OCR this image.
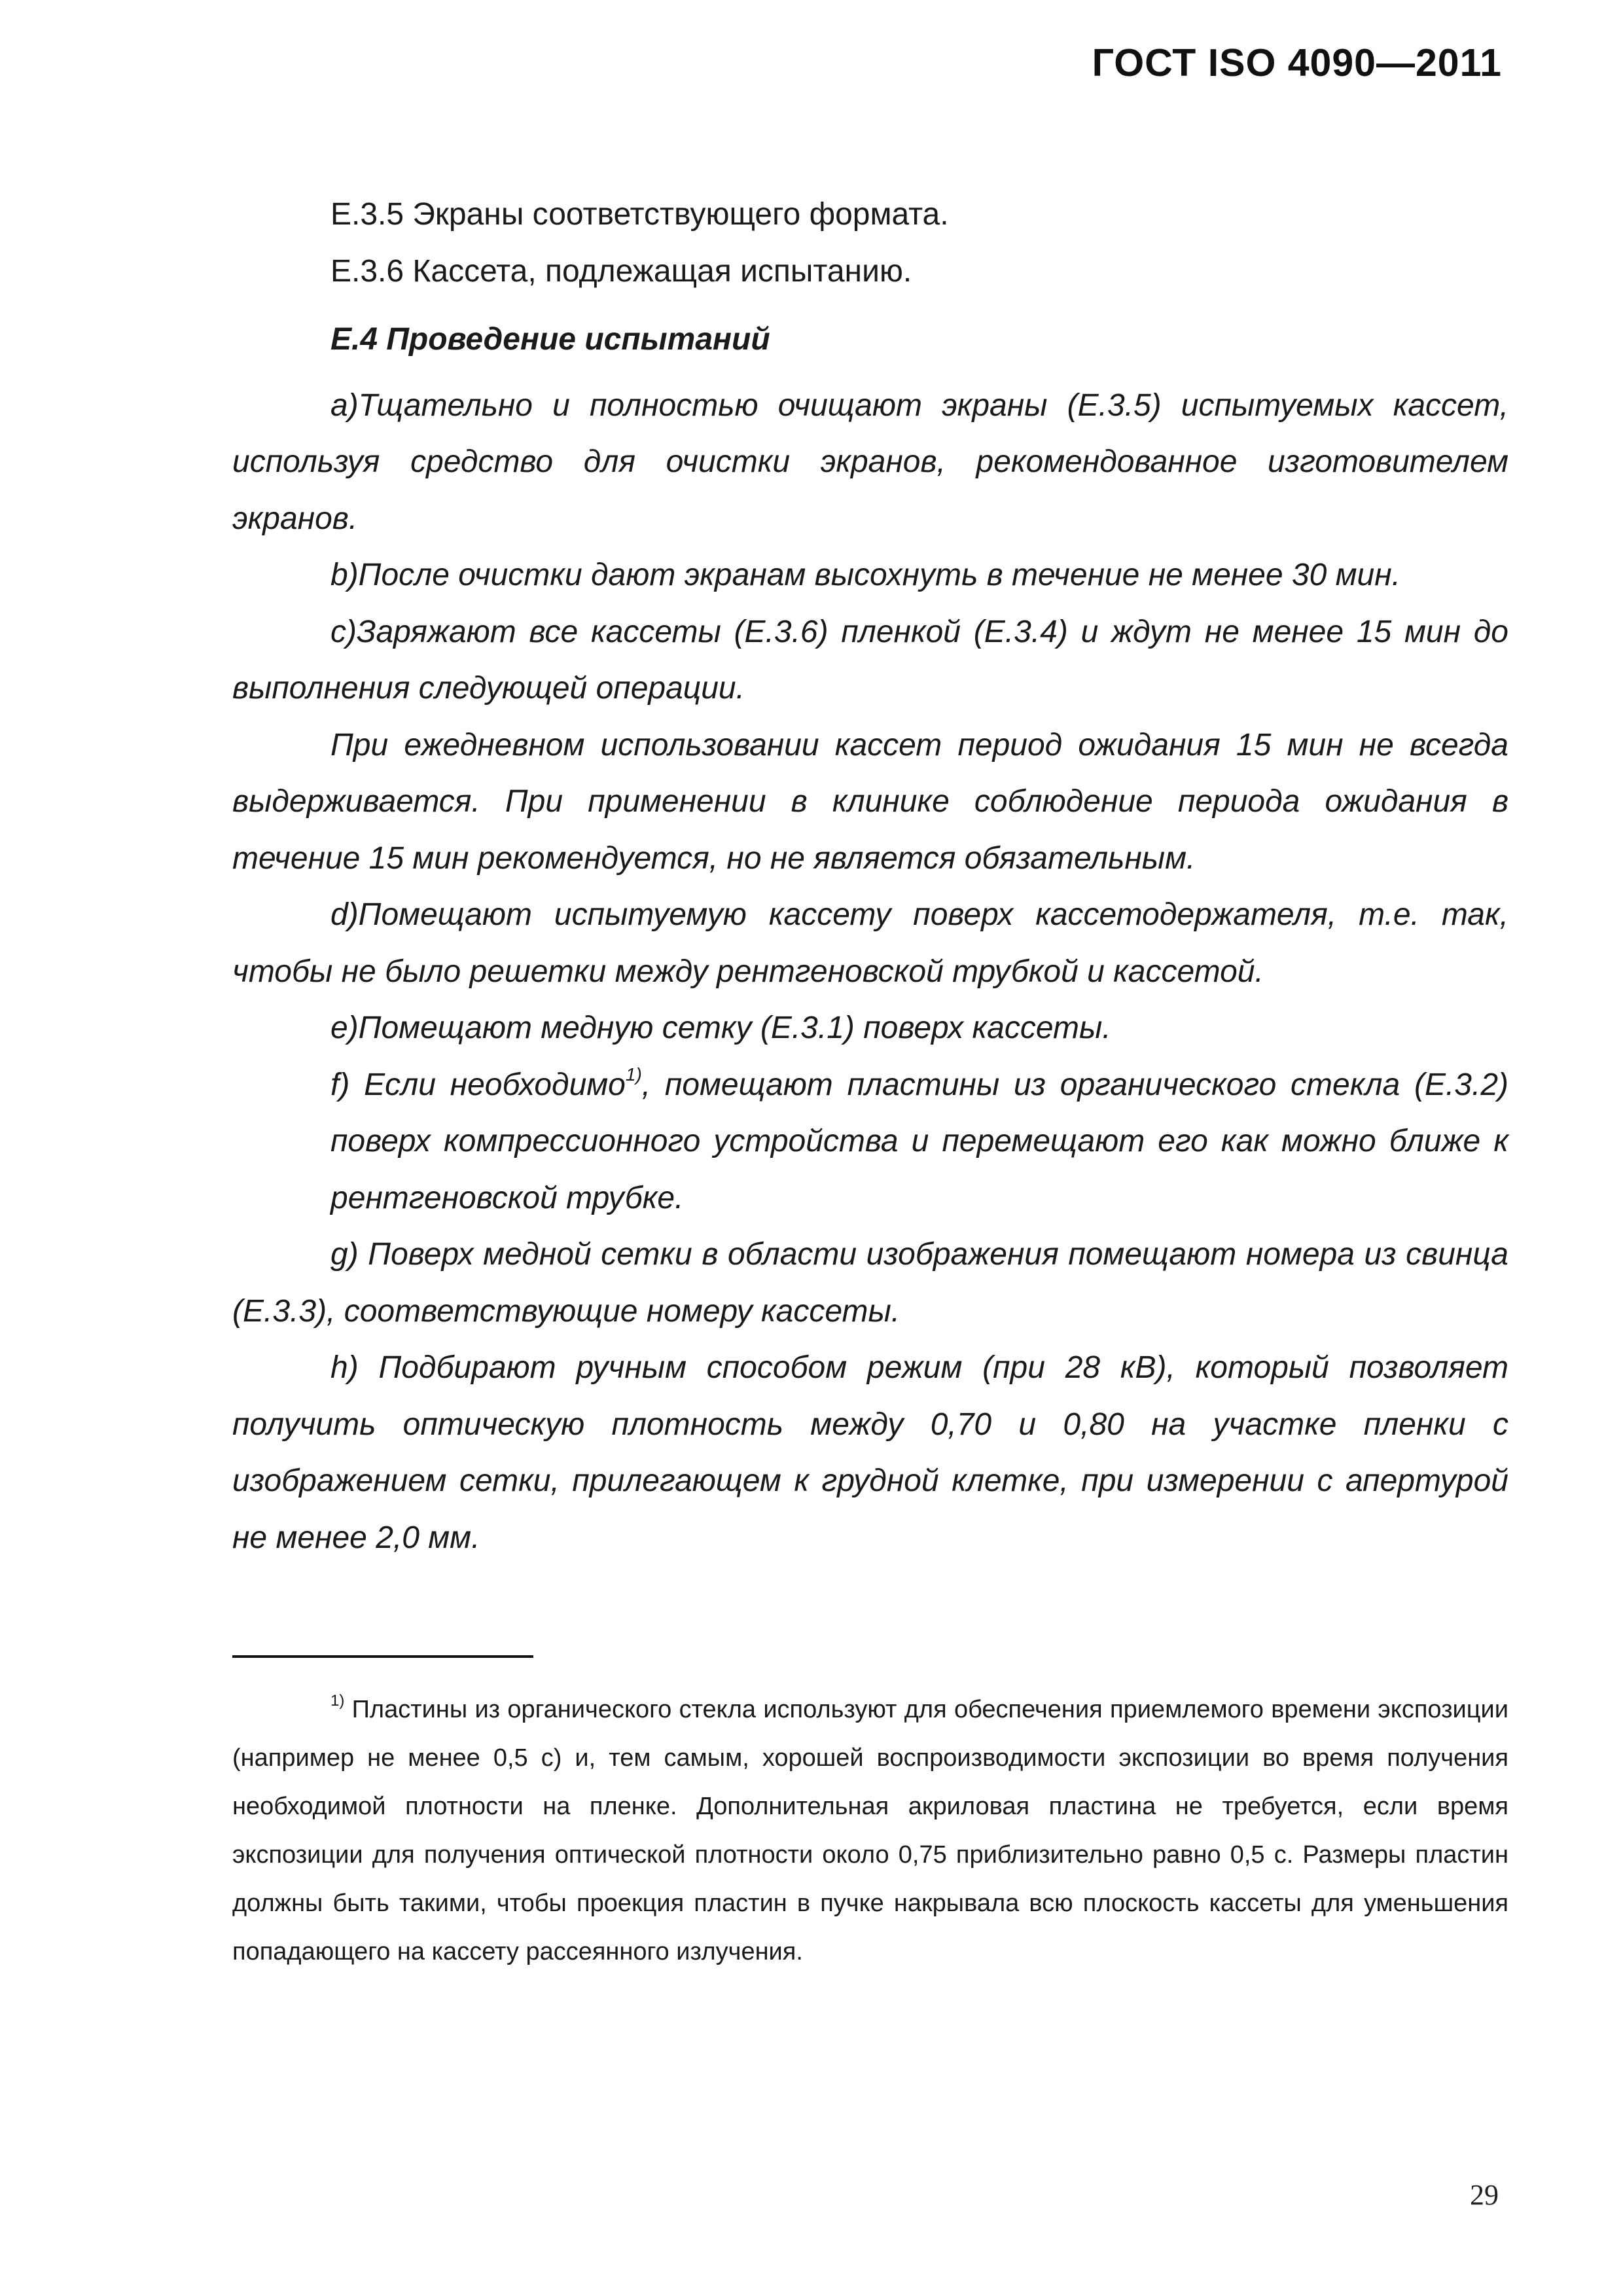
ГОСТ ISO 4090—2011

Е.3.5 Экраны соответствующего формата.

Е.3.6 Кассета, подлежащая испытанию.

Е.4 Проведение испытаний

а)Тщательно и полностью очищают экраны (Е.3.5) испытуемых кассет, используя средство для очистки экранов, рекомендованное изготовителем экранов.

b)После очистки дают экранам высохнуть в течение не менее 30 мин.

c)Заряжают все кассеты (Е.3.6) пленкой (Е.3.4) и ждут не менее 15 мин до выполнения следующей операции.

При ежедневном использовании кассет период ожидания 15 мин не всегда выдерживается. При применении в клинике соблюдение периода ожидания в течение 15 мин рекомендуется, но не является обязательным.

d)Помещают испытуемую кассету поверх кассетодержателя, т.е. так, чтобы не было решетки между рентгеновской трубкой и кассетой.

е)Помещают медную сетку (Е.3.1) поверх кассеты.

f) Если необходимо$^{1)}$, помещают пластины из органического стекла (Е.3.2) поверх компрессионного устройства и перемещают его как можно ближе к рентгеновской трубке.

g) Поверх медной сетки в области изображения помещают номера из свинца (Е.3.3), соответствующие номеру кассеты.

h) Подбирают ручным способом режим (при 28 кВ), который позволяет получить оптическую плотность между 0,70 и 0,80 на участке пленки с изображением сетки, прилегающем к грудной клетке, при измерении с апертурой не менее 2,0 мм.

$^{1)}$ Пластины из органического стекла используют для обеспечения приемлемого времени экспозиции (например не менее 0,5 с) и, тем самым, хорошей воспроизводимости экспозиции во время получения необходимой плотности на пленке. Дополнительная акриловая пластина не требуется, если время экспозиции для получения оптической плотности около 0,75 приблизительно равно 0,5 с. Размеры пластин должны быть такими, чтобы проекция пластин в пучке накрывала всю плоскость кассеты для уменьшения попадающего на кассету рассеянного излучения.

29
